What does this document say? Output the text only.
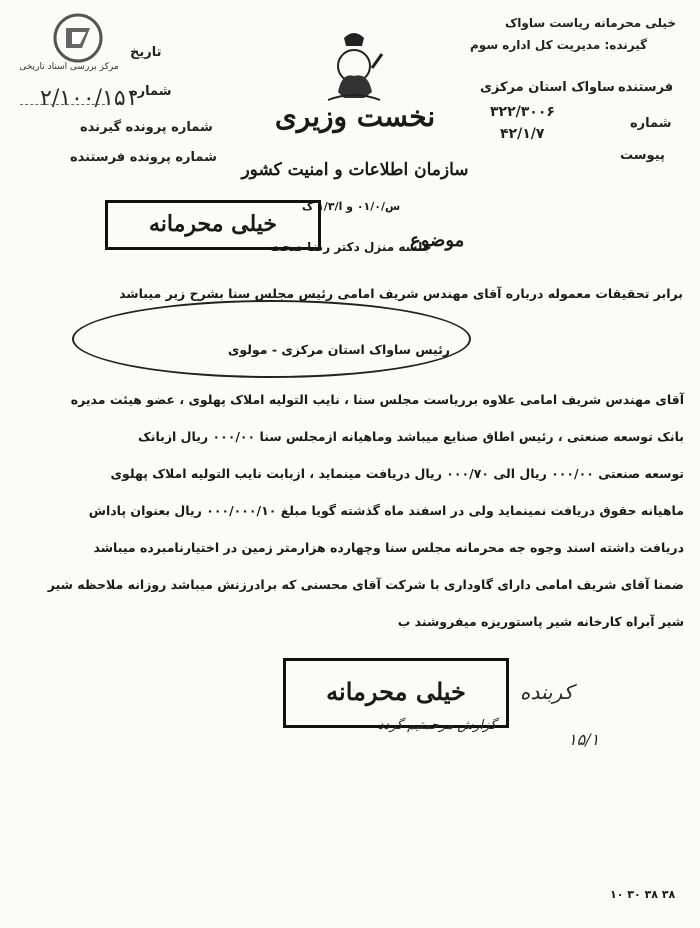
مرکز بررسی اسناد تاریخی
تاریخ
شماره
۲/۱۰۰/۱۵۱
شماره پرونده گیرنده
شماره پرونده فرستنده
نخست وزیری
سازمان اطلاعات و امنیت کشور
س/۰۱/۰ و ا/۱/۳ گ
خیلی محرمانه ریاست ساواک
گیرنده: مدیریت کل اداره سوم
فرستنده
ساواک استان مرکزی
شماره
۳۲۲/۳۰۰۶
۴۲/۱/۷
پیوست
خیلی محرمانه
موضوع
جلسه منزل دکتر رضا صحت
برابر تحقیقات معموله درباره آقای مهندس شریف امامی رئیس مجلس سنا بشرح زیر میباشد
رئیس ساواک استان مرکزی - مولوی
آقای مهندس شریف امامی علاوه برریاست مجلس سنا ، نایب التولیه املاک پهلوی ، عضو هیئت مدیره
بانک توسعه صنعتی ، رئیس اطاق صنایع میباشد وماهیانه ازمجلس سنا ۰۰۰/۰۰ ریال ازبانک
توسعه صنعتی ۰۰۰/۰۰ ریال الی ۰۰۰/۷۰ ریال دریافت مینماید ، ازبابت نایب التولیه املاک پهلوی
ماهیانه حقوق دریافت نمینماید ولی در اسفند ماه گذشته گویا مبلغ ۰۰۰/۰۰۰/۱۰ ریال بعنوان پاداش
دریافت داشته اسند وجوه جه محرمانه مجلس سنا وچهارده هزارمتر زمین در اختیارنامبرده میباشد
ضمنا آقای شریف امامی دارای گاوداری با شرکت آقای محسنی که برادرزنش میباشد روزانه ملاحظه شیر
شیر آبراه کارخانه شیر پاستوریزه میفروشند ب
خیلی محرمانه	کربنده
گزارش مرحمتیم گردد
۱۵/۱
۳۸ ۳۸ ۳۰ ۱۰
